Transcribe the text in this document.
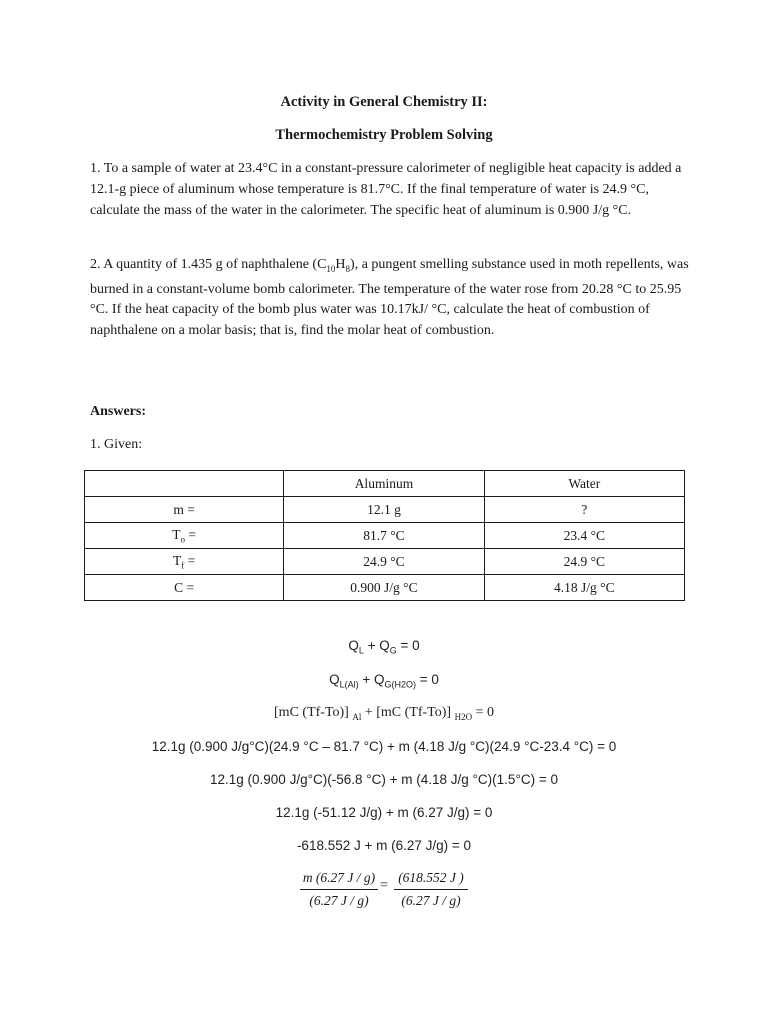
Activity in General Chemistry II:
Thermochemistry Problem Solving
1. To a sample of water at 23.4°C in a constant-pressure calorimeter of negligible heat capacity is added a 12.1-g piece of aluminum whose temperature is 81.7°C. If the final temperature of water is 24.9 °C, calculate the mass of the water in the calorimeter. The specific heat of aluminum is 0.900 J/g °C.
2. A quantity of 1.435 g of naphthalene $(C_{10}H_8)$, a pungent smelling substance used in moth repellents, was burned in a constant-volume bomb calorimeter. The temperature of the water rose from 20.28 °C to 25.95 °C. If the heat capacity of the bomb plus water was 10.17kJ/ °C, calculate the heat of combustion of naphthalene on a molar basis; that is, find the molar heat of combustion.
Answers:
1. Given:
	Aluminum	Water
m =	12.1 g	?
$T_o$ =	81.7 °C	23.4 °C
$T_f$ =	24.9 °C	24.9 °C
C =	0.900 J/g °C	4.18 J/g °C
$Q_L + Q_G = 0$
$Q_{L(Al)} + Q_{G(H2O)} = 0$
[mC (Tf-To)] $_{Al}$ + [mC (Tf-To)] $_{H2O}$ = 0
12.1g (0.900 J/g°C)(24.9 °C – 81.7 °C) + m (4.18 J/g °C)(24.9 °C-23.4 °C) = 0
12.1g (0.900 J/g°C)(-56.8 °C) + m (4.18 J/g °C)(1.5°C) = 0
12.1g (-51.12 J/g) + m (6.27 J/g) = 0
-618.552 J + m (6.27 J/g) = 0
m (6.27 J / g)
(6.27 J / g)
=
(618.552 J )
(6.27 J / g)
